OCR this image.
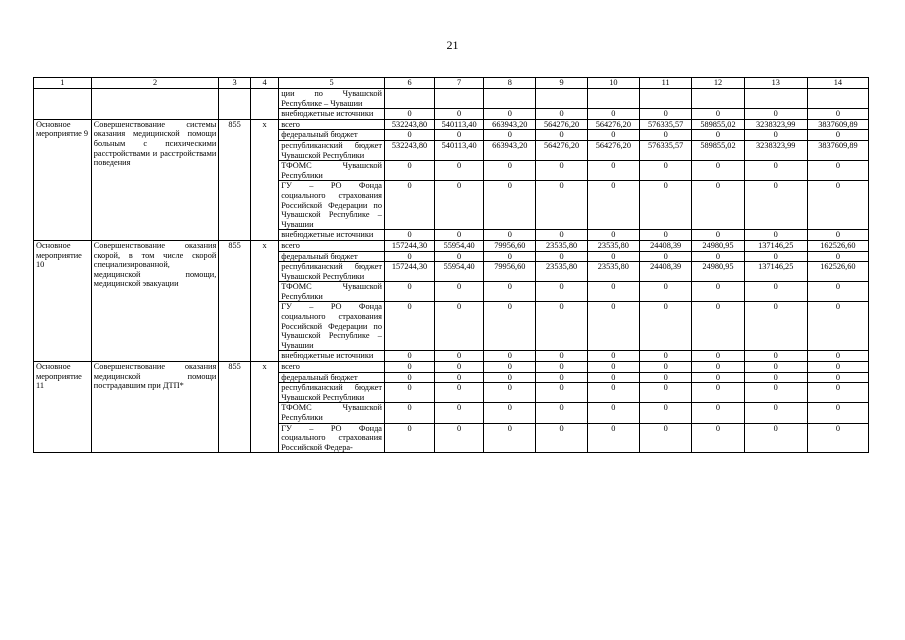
21
1	2	3	4	5	6	7	8	9	10	11	12	13	14
				ции по Чувашской Республике – Чувашии									
				внебюджетные источники	0	0	0	0	0	0	0	0	0
Основное мероприятие 9	Совершенствование системы оказания медицинской помощи больным с психическими расстройствами и расстройствами поведения	855	x	всего	532243,80	540113,40	663943,20	564276,20	564276,20	576335,57	589855,02	3238323,99	3837609,89
				федеральный бюджет	0	0	0	0	0	0	0	0	0
				республиканский бюджет Чувашской Республики	532243,80	540113,40	663943,20	564276,20	564276,20	576335,57	589855,02	3238323,99	3837609,89
				ТФОМС Чувашской Республики	0	0	0	0	0	0	0	0	0
				ГУ – РО Фонда социального страхования Российской Федерации по Чувашской Республике – Чувашии	0	0	0	0	0	0	0	0	0
				внебюджетные источники	0	0	0	0	0	0	0	0	0
Основное мероприятие 10	Совершенствование оказания скорой, в том числе скорой специализированной, медицинской помощи, медицинской эвакуации	855	x	всего	157244,30	55954,40	79956,60	23535,80	23535,80	24408,39	24980,95	137146,25	162526,60
				федеральный бюджет	0	0	0	0	0	0	0	0	0
				республиканский бюджет Чувашской Республики	157244,30	55954,40	79956,60	23535,80	23535,80	24408,39	24980,95	137146,25	162526,60
				ТФОМС Чувашской Республики	0	0	0	0	0	0	0	0	0
				ГУ – РО Фонда социального страхования Российской Федерации по Чувашской Республике – Чувашии	0	0	0	0	0	0	0	0	0
				внебюджетные источники	0	0	0	0	0	0	0	0	0
Основное мероприятие 11	Совершенствование оказания медицинской помощи пострадавшим при ДТП*	855	x	всего	0	0	0	0	0	0	0	0	0
				федеральный бюджет	0	0	0	0	0	0	0	0	0
				республиканский бюджет Чувашской Республики	0	0	0	0	0	0	0	0	0
				ТФОМС Чувашской Республики	0	0	0	0	0	0	0	0	0
				ГУ – РО Фонда социального страхования Российской Федера-	0	0	0	0	0	0	0	0	0
